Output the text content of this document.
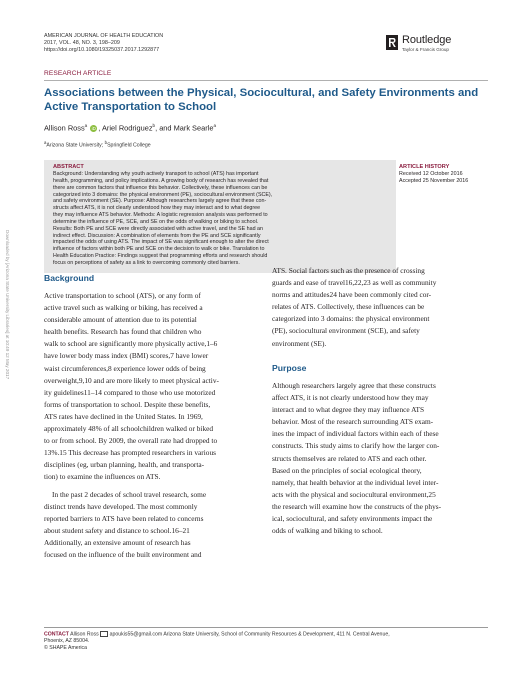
AMERICAN JOURNAL OF HEALTH EDUCATION
2017, VOL. 48, NO. 3, 198–209
https://doi.org/10.1080/19325037.2017.1292877
Routledge
Taylor & Francis Group
RESEARCH ARTICLE
Associations between the Physical, Sociocultural, and Safety Environments and
Active Transportation to School
Allison Ross$^a$ iD , Ariel Rodriguez$^b$, and Mark Searle$^a$
$^a$Arizona State University; $^b$Springfield College
ABSTRACT
Background: Understanding why youth actively transport to school (ATS) has important
health, programming, and policy implications. A growing body of research has revealed that
there are common factors that influence this behavior. Collectively, these influences can be
categorized into 3 domains: the physical environment (PE), sociocultural environment (SCE),
and safety environment (SE). Purpose: Although researchers largely agree that these con-
structs affect ATS, it is not clearly understood how they may interact and to what degree
they may influence ATS behavior. Methods: A logistic regression analysis was performed to
determine the influence of PE, SCE, and SE on the odds of walking or biking to school.
Results: Both PE and SCE were directly associated with active travel, and the SE had an
indirect effect. Discussion: A combination of elements from the PE and SCE significantly
impacted the odds of using ATS. The impact of SE was significant enough to alter the direct
influence of factors within both PE and SCE on the decision to walk or bike. Translation to
Health Education Practice: Findings suggest that programming efforts and research should
focus on perceptions of safety as a link to overcoming commonly cited barriers.
ARTICLE HISTORY
Received 12 October 2016
Accepted 25 November 2016
Downloaded by [Arizona State University Libraries] at 10:49 12 May 2017	Background
Active transportation to school (ATS), or any form of
active travel such as walking or biking, has received a
considerable amount of attention due to its potential
health benefits. Research has found that children who
walk to school are significantly more physically active,1–6
have lower body mass index (BMI) scores,7 have lower
waist circumferences,8 experience lower odds of being
overweight,9,10 and are more likely to meet physical activ-
ity guidelines11–14 compared to those who use motorized
forms of transportation to school. Despite these benefits,
ATS rates have declined in the United States. In 1969,
approximately 48% of all schoolchildren walked or biked
to or from school. By 2009, the overall rate had dropped to
13%.15 This decrease has prompted researchers in various
disciplines (eg, urban planning, health, and transporta-
tion) to examine the influences on ATS.
In the past 2 decades of school travel research, some
distinct trends have developed. The most commonly
reported barriers to ATS have been related to concerns
about student safety and distance to school.16–21
Additionally, an extensive amount of research has
focused on the influence of the built environment and
ATS. Social factors such as the presence of crossing
guards and ease of travel16,22,23 as well as community
norms and attitudes24 have been commonly cited cor-
relates of ATS. Collectively, these influences can be
categorized into 3 domains: the physical environment
(PE), sociocultural environment (SCE), and safety
environment (SE).
Purpose
Although researchers largely agree that these constructs
affect ATS, it is not clearly understood how they may
interact and to what degree they may influence ATS
behavior. Most of the research surrounding ATS exam-
ines the impact of individual factors within each of these
constructs. This study aims to clarify how the larger con-
structs themselves are related to ATS and each other.
Based on the principles of social ecological theory,
namely, that health behavior at the individual level inter-
acts with the physical and sociocultural environment,25
the research will examine how the constructs of the phys-
ical, sociocultural, and safety environments impact the
odds of walking and biking to school.
CONTACT Allison Ross apoukis55@gmail.com Arizona State University, School of Community Resources & Development, 411 N. Central Avenue,
Phoenix, AZ 85004.
© SHAPE America
